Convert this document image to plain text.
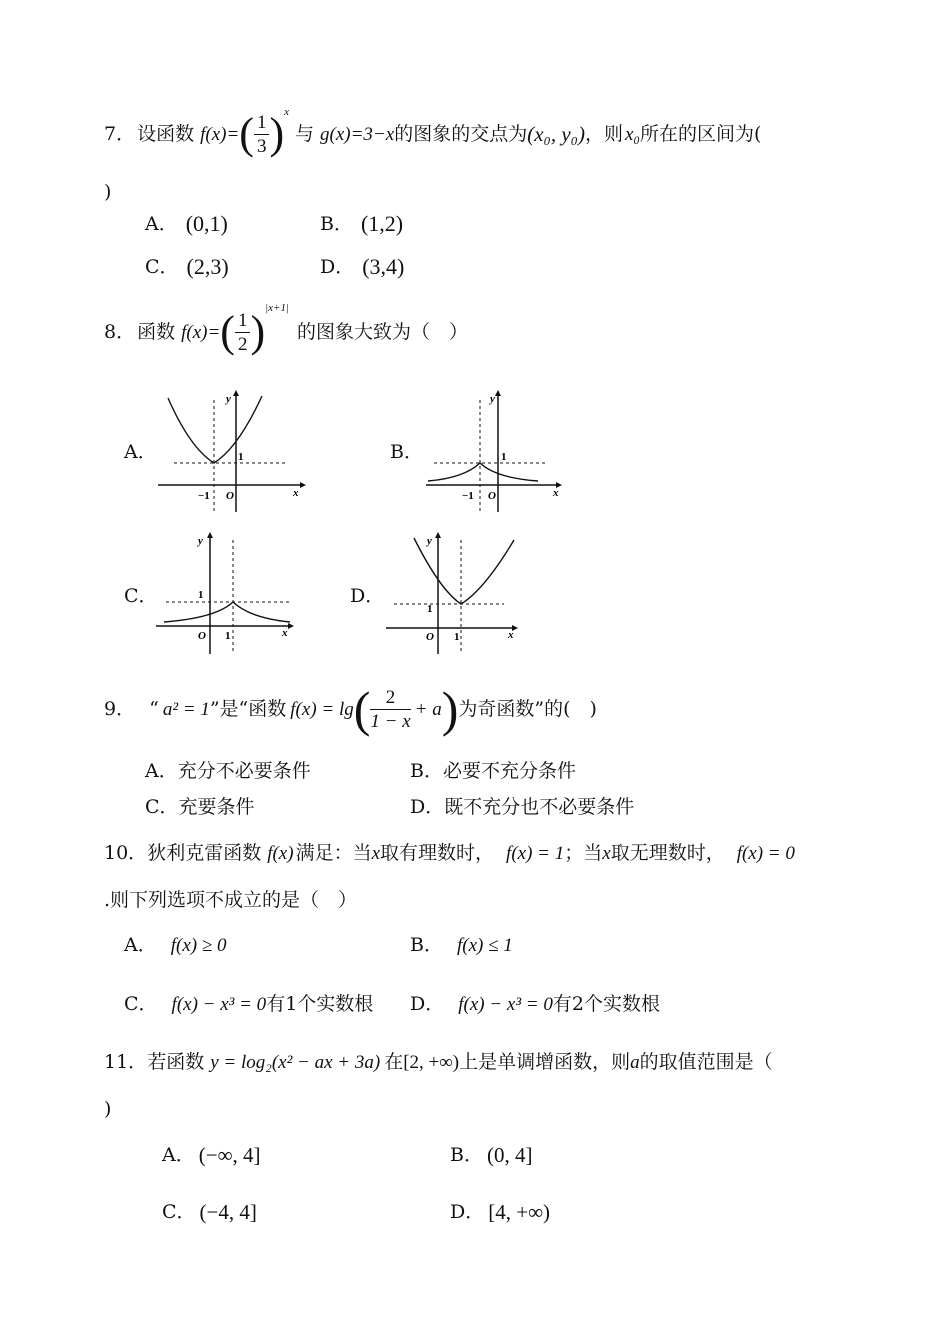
7． 设函数 f(x)= ( $\frac{1}{3}$ ) x
与 g(x)=3−x 的图象的交点为 (x₀, y₀) ，则 x₀ 所在的区间为(
)
A． (0,1)	B． (1,2)
C． (2,3)	D． (3,4)
8． 函数 f(x)= ( $\frac{1}{2}$ ) |x+1|
的图象大致为（　）
A．
y
x
1
−1 O
B．
y
x
1
−1 O
C．
y
x
1
1
O
D．
y
x
1
1
O
9． “ a² = 1 ”是“函数 f(x) = lg ( $\frac{2}{1 - x} + a$ ) 为奇函数”的(　)
A． 充分不必要条件	B． 必要不充分条件
C． 充要条件	D． 既不充分也不必要条件
10． 狄利克雷函数 f(x) 满足：当 x 取有理数时， f(x) = 1 ；当 x 取无理数时， f(x) = 0
.则下列选项不成立的是（　）
A． f(x) ≥ 0	B． f(x) ≤ 1
C． f(x) − x³ = 0 有1个实数根 D． f(x) − x³ = 0 有2个实数根
11． 若函数 y = log₂(x² − ax + 3a) 在 [2, +∞) 上是单调增函数，则 a 的取值范围是（
)
A． (−∞, 4]	B． (0, 4]
C． (−4, 4]	D． [4, +∞)
